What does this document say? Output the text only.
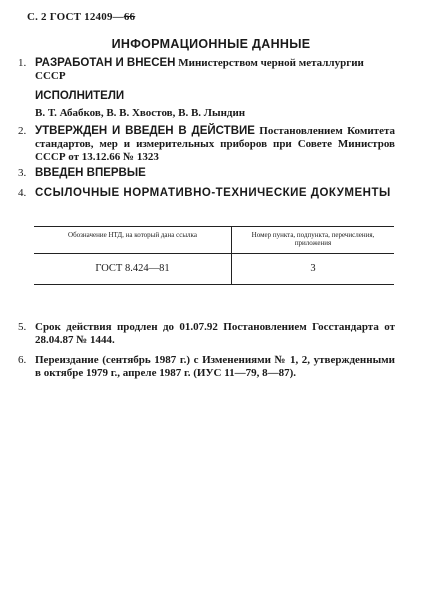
С. 2 ГОСТ 12409—66
ИНФОРМАЦИОННЫЕ ДАННЫЕ
1. РАЗРАБОТАН И ВНЕСЕН Министерством черной металлургии СССР
ИСПОЛНИТЕЛИ
В. Т. Абабков, В. В. Хвостов, В. В. Лындин
2. УТВЕРЖДЕН И ВВЕДЕН В ДЕЙСТВИЕ Постановлением Комитета стандартов, мер и измерительных приборов при Совете Министров СССР от 13.12.66 № 1323
3. ВВЕДЕН ВПЕРВЫЕ
4. ССЫЛОЧНЫЕ НОРМАТИВНО-ТЕХНИЧЕСКИЕ ДОКУМЕНТЫ
Обозначение НТД, на который дана ссылка	Номер пункта, подпункта, перечисления, приложения
ГОСТ 8.424—81	3
5. Срок действия продлен до 01.07.92 Постановлением Госстандарта от 28.04.87 № 1444.
6. Переиздание (сентябрь 1987 г.) с Изменениями № 1, 2, утвержденными в октябре 1979 г., апреле 1987 г. (ИУС 11—79, 8—87).
